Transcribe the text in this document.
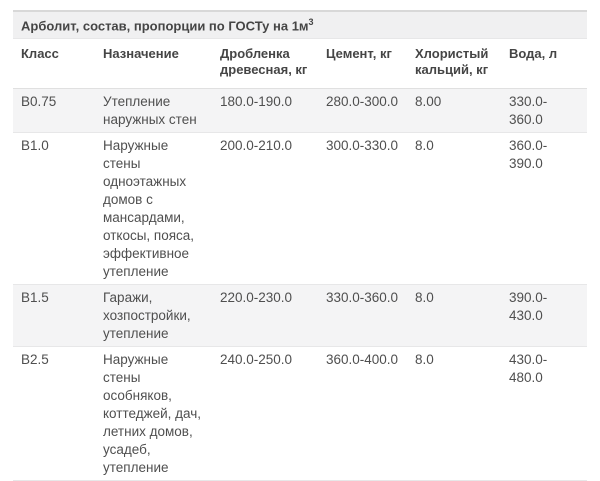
Арболит, состав, пропорции по ГОСТу на $1м^3$
Класс	Назначение	Дробленка древесная, кг	Цемент, кг	Хлористый кальций, кг	Вода, л
В0.75	Утепление наружных стен	180.0-190.0	280.0-300.0	8.00	330.0-360.0
В1.0	Наружные стены одноэтажных домов с мансардами, откосы, пояса, эффективное утепление	200.0-210.0	300.0-330.0	8.0	360.0-390.0
В1.5	Гаражи, хозпостройки, утепление	220.0-230.0	330.0-360.0	8.0	390.0-430.0
В2.5	Наружные стены особняков, коттеджей, дач, летних домов, усадеб, утепление	240.0-250.0	360.0-400.0	8.0	430.0-480.0
